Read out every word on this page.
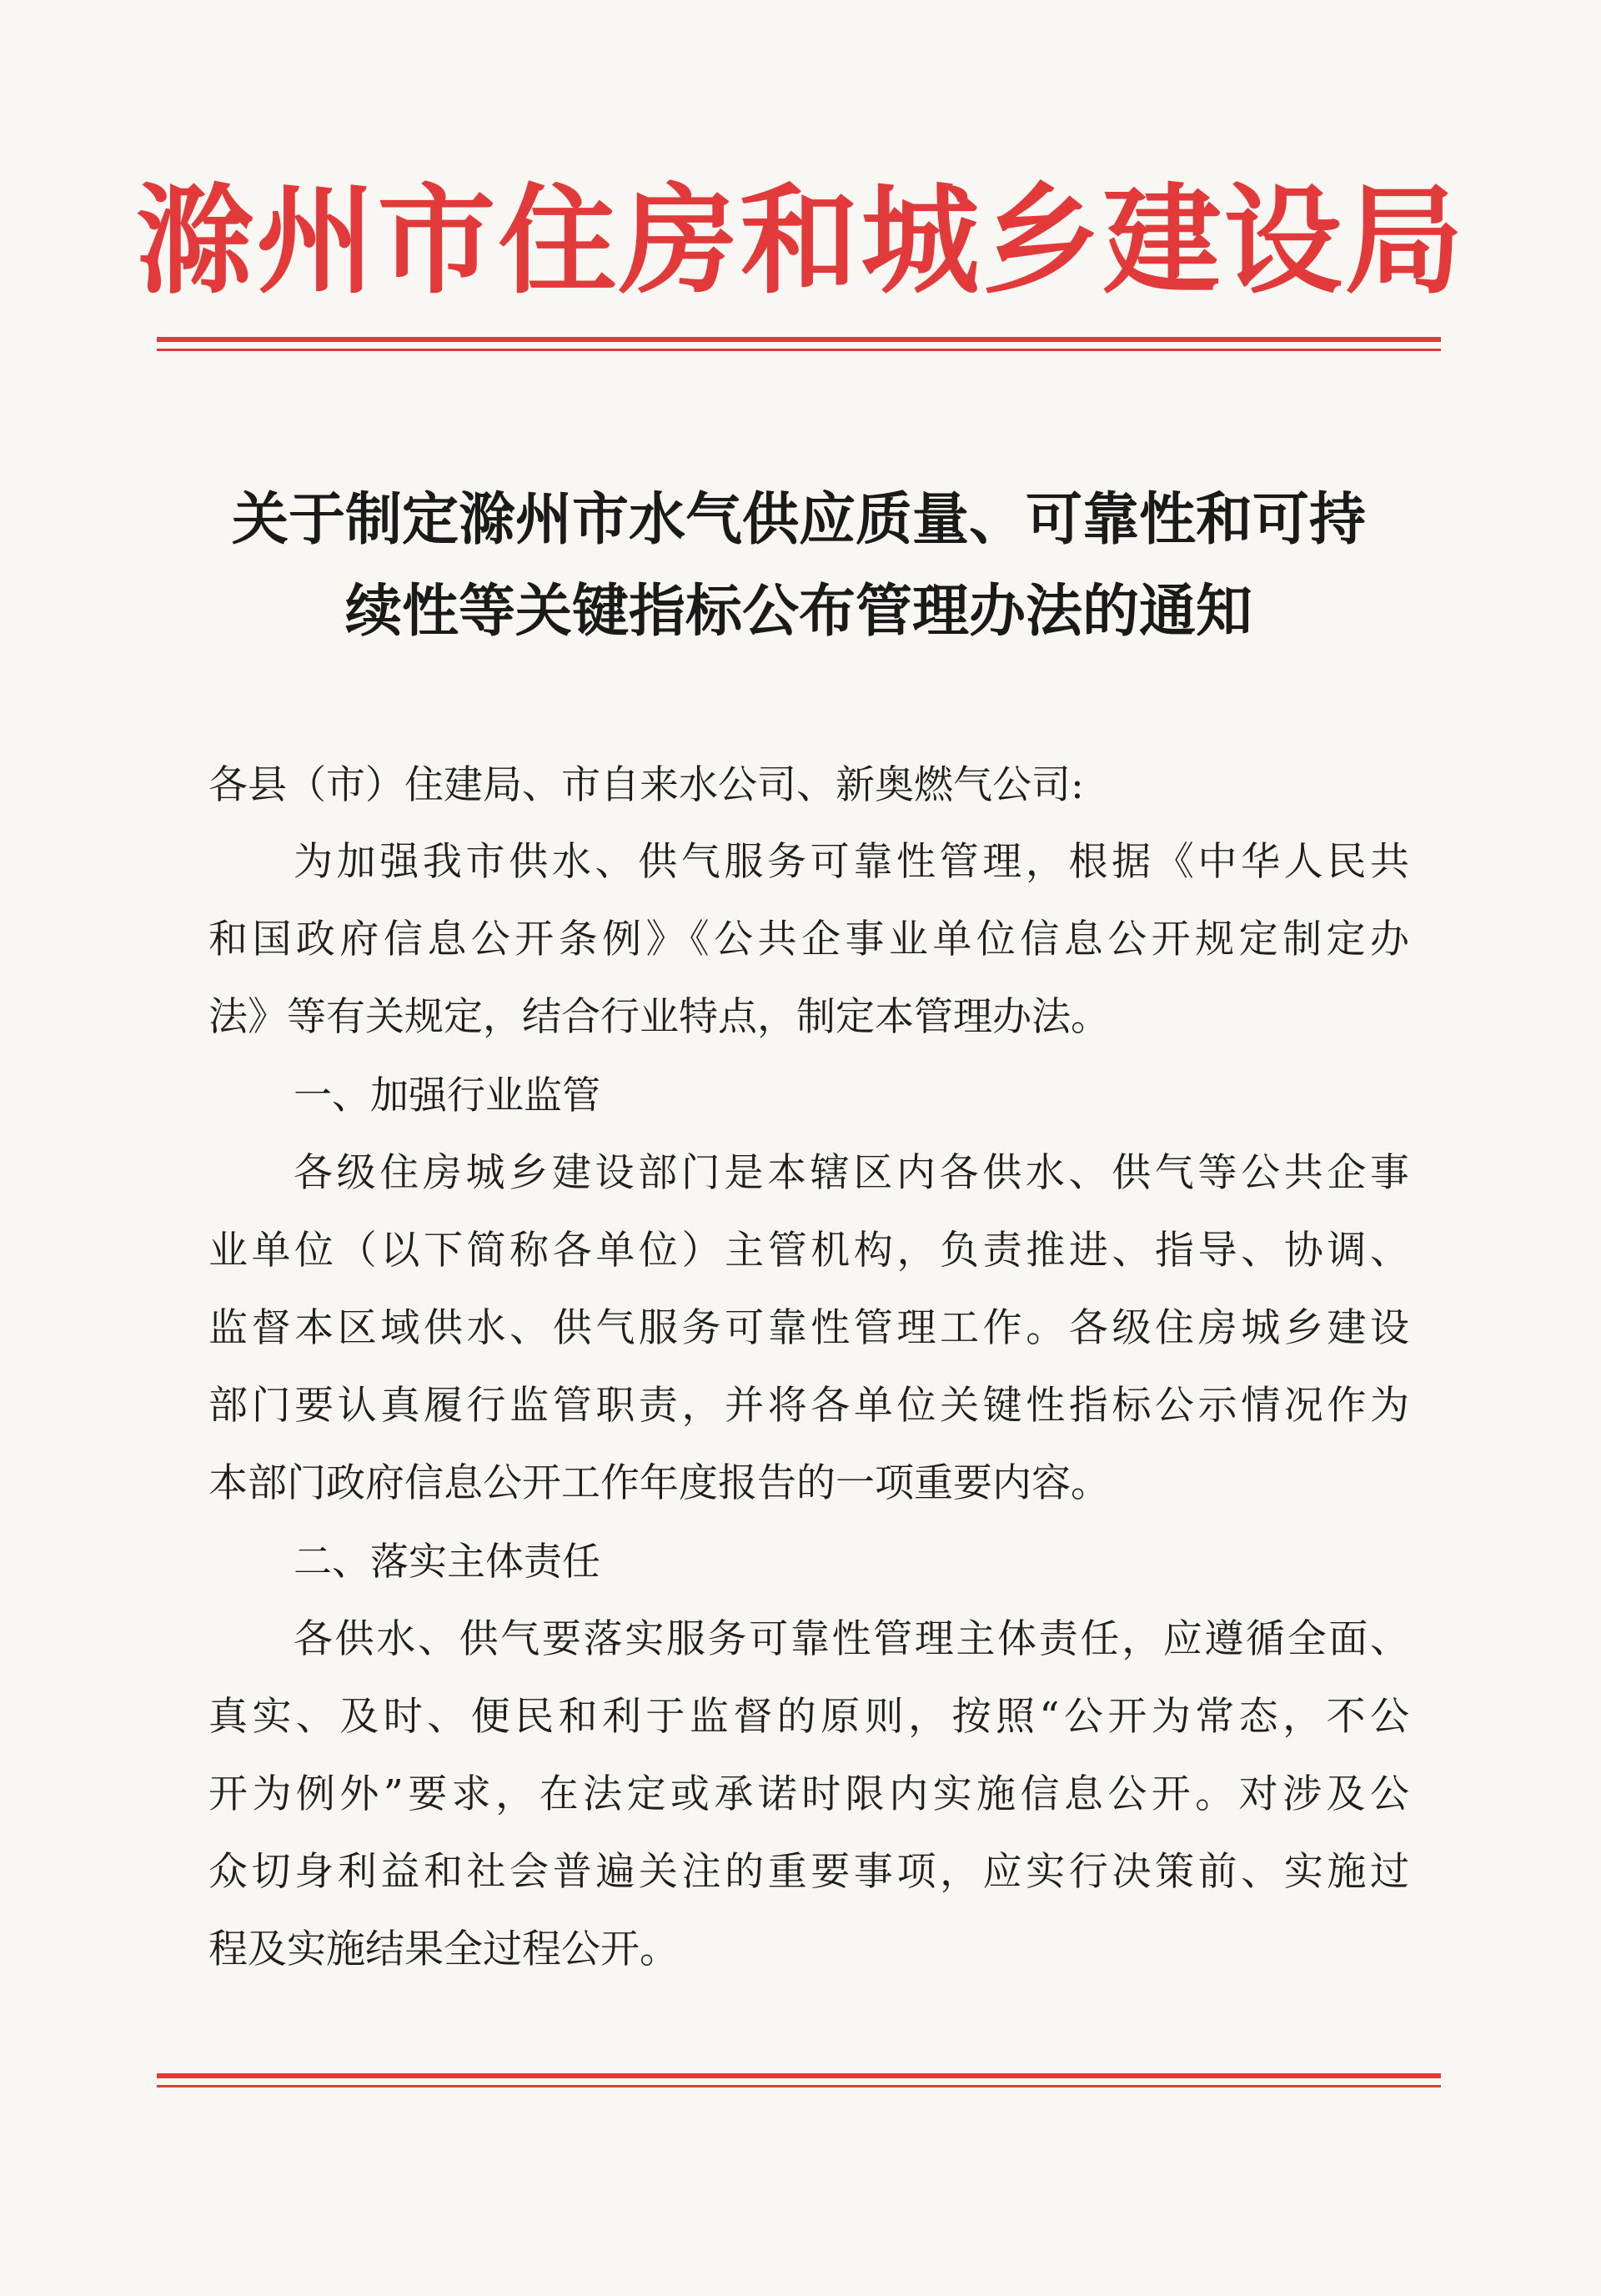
滁州市住房和城乡建设局
关于制定滁州市水气供应质量、可靠性和可持
续性等关键指标公布管理办法的通知
各县（市）住建局、市自来水公司、新奥燃气公司:
为加强我市供水、供气服务可靠性管理，根据《中华人民共
和国政府信息公开条例》《公共企事业单位信息公开规定制定办
法》等有关规定，结合行业特点，制定本管理办法。
一、加强行业监管
各级住房城乡建设部门是本辖区内各供水、供气等公共企事
业单位（以下简称各单位）主管机构，负责推进、指导、协调、
监督本区域供水、供气服务可靠性管理工作。各级住房城乡建设
部门要认真履行监管职责，并将各单位关键性指标公示情况作为
本部门政府信息公开工作年度报告的一项重要内容。
二、落实主体责任
各供水、供气要落实服务可靠性管理主体责任，应遵循全面、
真实、及时、便民和利于监督的原则，按照“公开为常态，不公
开为例外”要求，在法定或承诺时限内实施信息公开。对涉及公
众切身利益和社会普遍关注的重要事项，应实行决策前、实施过
程及实施结果全过程公开。
